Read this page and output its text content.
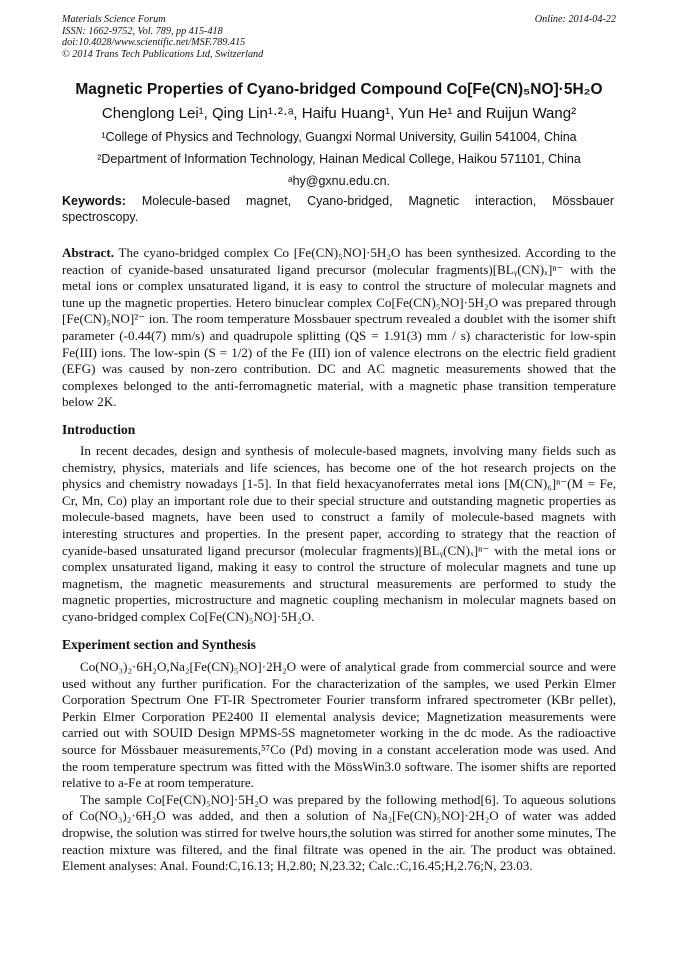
Materials Science Forum
ISSN: 1662-9752, Vol. 789, pp 415-418
doi:10.4028/www.scientific.net/MSF.789.415
© 2014 Trans Tech Publications Ltd, Switzerland
Online: 2014-04-22
Magnetic Properties of Cyano-bridged Compound Co[Fe(CN)₅NO]·5H₂O
Chenglong Lei¹, Qing Lin¹·²·ᵃ, Haifu Huang¹, Yun He¹ and Ruijun Wang²
¹College of Physics and Technology, Guangxi Normal University, Guilin 541004, China
²Department of Information Technology, Hainan Medical College, Haikou 571101, China
ᵃhy@gxnu.edu.cn.
Keywords: Molecule-based magnet, Cyano-bridged, Magnetic interaction, Mössbauer spectroscopy.

Abstract. The cyano-bridged complex Co [Fe(CN)₅NO]·5H₂O has been synthesized. According to the reaction of cyanide-based unsaturated ligand precursor (molecular fragments)[BLᵧ(CN)ₓ]ⁿ⁻ with the metal ions or complex unsaturated ligand, it is easy to control the structure of molecular magnets and tune up the magnetic properties. Hetero binuclear complex Co[Fe(CN)₅NO]·5H₂O was prepared through [Fe(CN)₅NO]²⁻ ion. The room temperature Mossbauer spectrum revealed a doublet with the isomer shift parameter (-0.44(7) mm/s) and quadrupole splitting (QS = 1.91(3) mm / s) characteristic for low-spin Fe(III) ions. The low-spin (S = 1/2) of the Fe (III) ion of valence electrons on the electric field gradient (EFG) was caused by non-zero contribution. DC and AC magnetic measurements showed that the complexes belonged to the anti-ferromagnetic material, with a magnetic phase transition temperature below 2K.

Introduction

In recent decades, design and synthesis of molecule-based magnets, involving many fields such as chemistry, physics, materials and life sciences, has become one of the hot research projects on the physics and chemistry nowadays [1-5]. In that field hexacyanoferrates metal ions [M(CN)₆]ⁿ⁻(M = Fe, Cr, Mn, Co) play an important role due to their special structure and outstanding magnetic properties as molecule-based magnets, have been used to construct a family of molecule-based magnets with interesting structures and properties. In the present paper, according to strategy that the reaction of cyanide-based unsaturated ligand precursor (molecular fragments)[BLᵧ(CN)ₓ]ⁿ⁻ with the metal ions or complex unsaturated ligand, making it easy to control the structure of molecular magnets and tune up magnetism, the magnetic measurements and structural measurements are performed to study the magnetic properties, microstructure and magnetic coupling mechanism in molecular magnets based on cyano-bridged complex Co[Fe(CN)₅NO]·5H₂O.

Experiment section and Synthesis

Co(NO₃)₂·6H₂O,Na₂[Fe(CN)₅NO]·2H₂O were of analytical grade from commercial source and were used without any further purification. For the characterization of the samples, we used Perkin Elmer Corporation Spectrum One FT-IR Spectrometer Fourier transform infrared spectrometer (KBr pellet), Perkin Elmer Corporation PE2400 II elemental analysis device; Magnetization measurements were carried out with SOUID Design MPMS-5S magnetometer working in the dc mode. As the radioactive source for Mössbauer measurements,⁵⁷Co (Pd) moving in a constant acceleration mode was used. And the room temperature spectrum was fitted with the MössWin3.0 software. The isomer shifts are reported relative to a-Fe at room temperature.

The sample Co[Fe(CN)₅NO]·5H₂O was prepared by the following method[6]. To aqueous solutions of Co(NO₃)₂·6H₂O was added, and then a solution of Na₂[Fe(CN)₅NO]·2H₂O of water was added dropwise, the solution was stirred for twelve hours,the solution was stirred for another some minutes, The reaction mixture was filtered, and the final filtrate was opened in the air. The product was obtained. Element analyses: Anal. Found:C,16.13; H,2.80; N,23.32; Calc.:C,16.45;H,2.76;N, 23.03.
